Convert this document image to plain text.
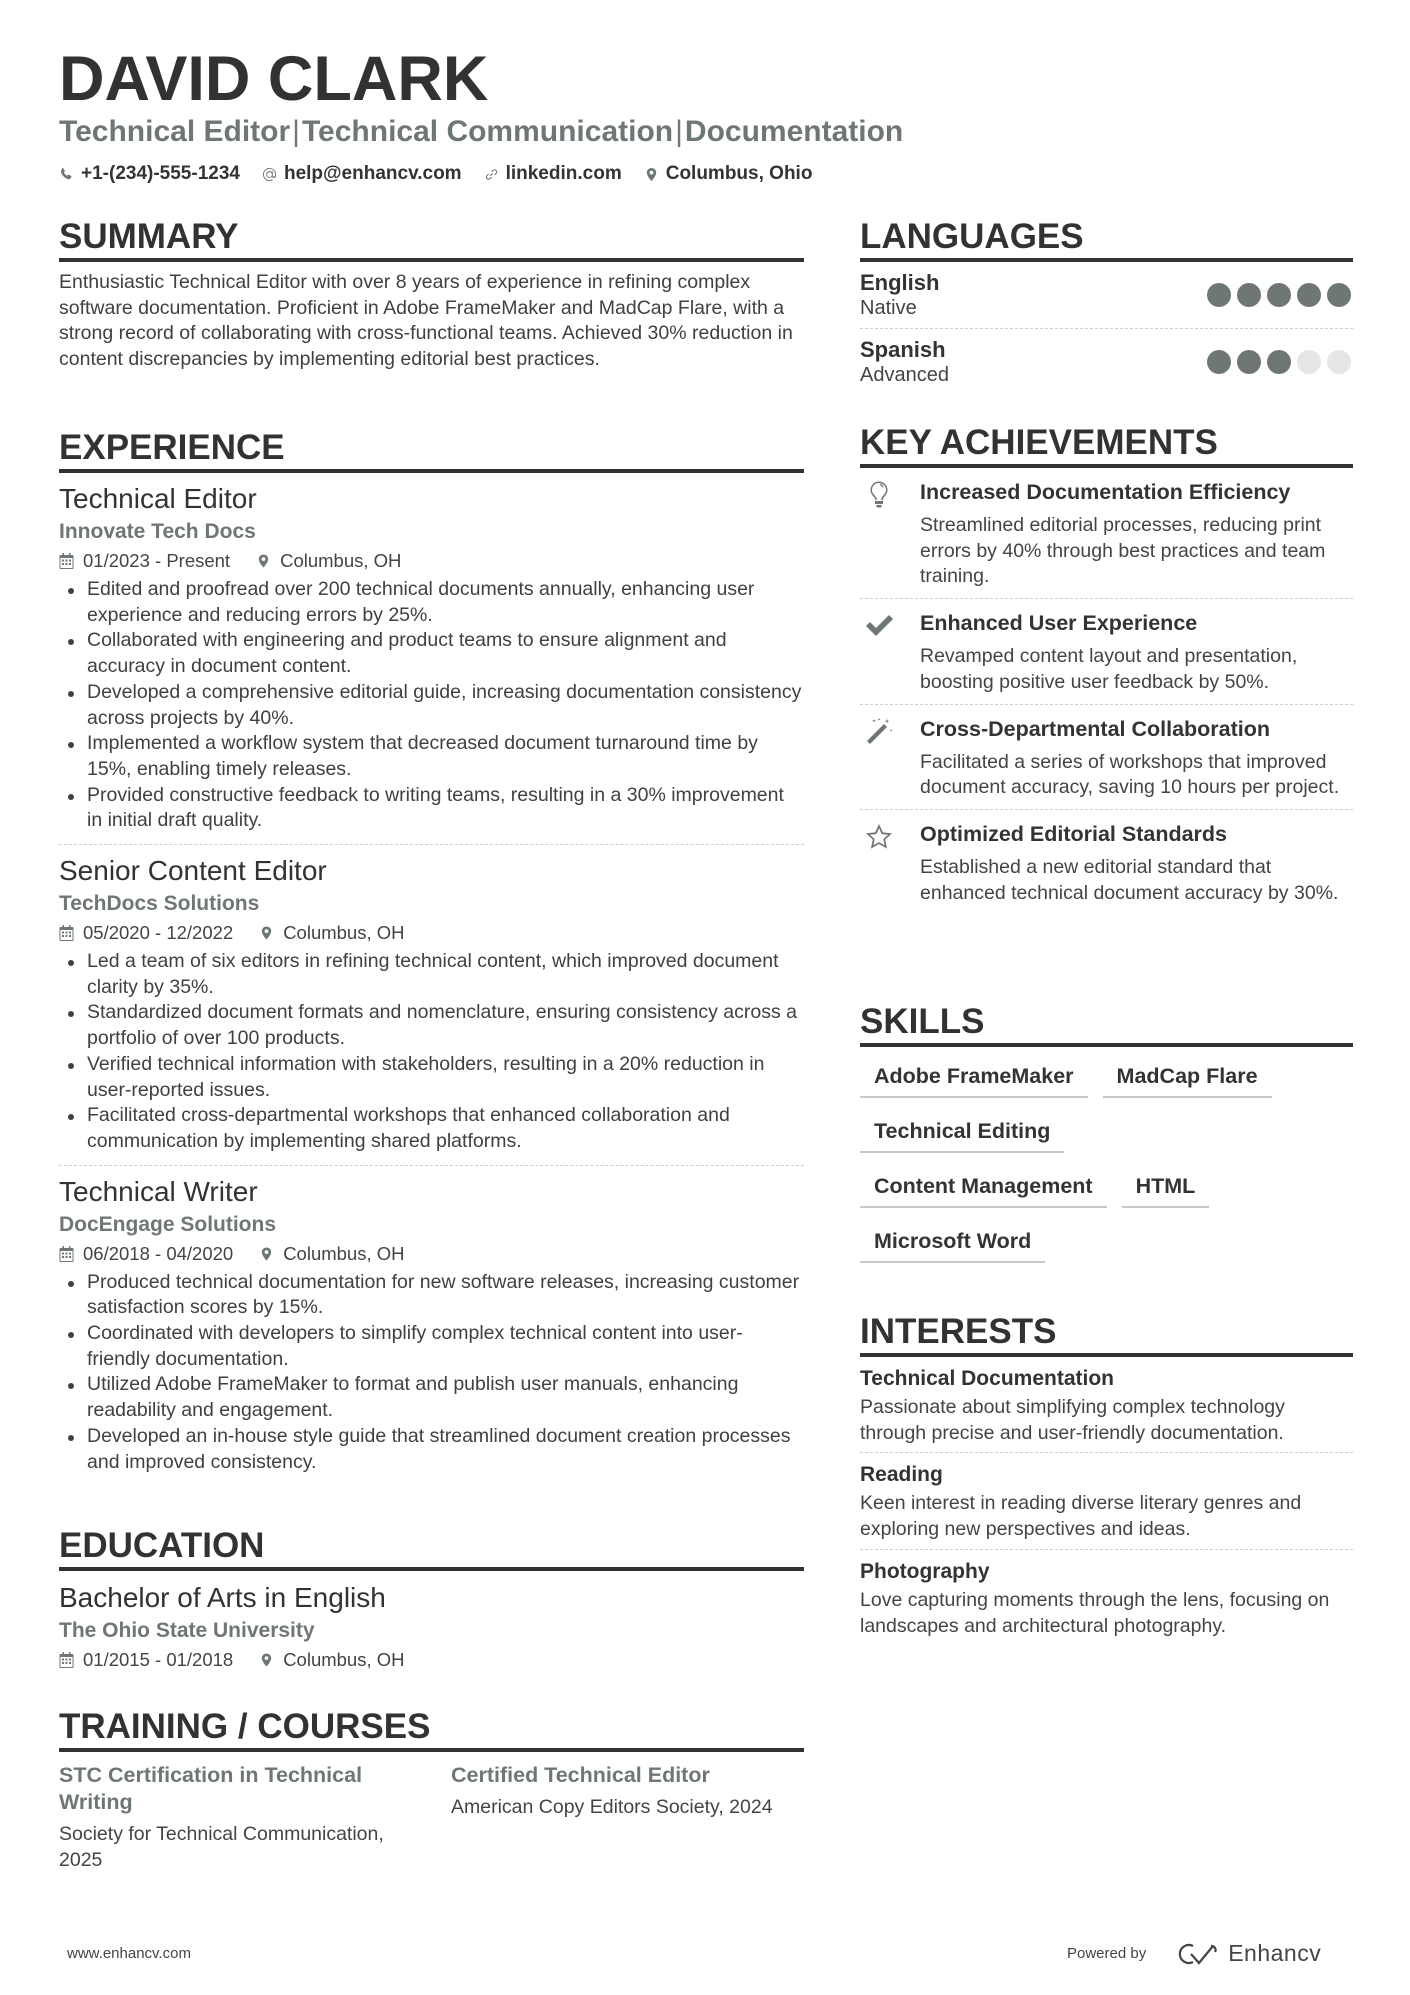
DAVID CLARK
Technical Editor|Technical Communication|Documentation
+1-(234)-555-1234 help@enhancv.com linkedin.com Columbus, Ohio
SUMMARY
Enthusiastic Technical Editor with over 8 years of experience in refining complex software documentation. Proficient in Adobe FrameMaker and MadCap Flare, with a strong record of collaborating with cross-functional teams. Achieved 30% reduction in content discrepancies by implementing editorial best practices.
EXPERIENCE
Technical Editor
Innovate Tech Docs
01/2023 - Present	Columbus, OH
Edited and proofread over 200 technical documents annually, enhancing user experience and reducing errors by 25%.
Collaborated with engineering and product teams to ensure alignment and accuracy in document content.
Developed a comprehensive editorial guide, increasing documentation consistency across projects by 40%.
Implemented a workflow system that decreased document turnaround time by 15%, enabling timely releases.
Provided constructive feedback to writing teams, resulting in a 30% improvement in initial draft quality.
Senior Content Editor
TechDocs Solutions
05/2020 - 12/2022	Columbus, OH
Led a team of six editors in refining technical content, which improved document clarity by 35%.
Standardized document formats and nomenclature, ensuring consistency across a portfolio of over 100 products.
Verified technical information with stakeholders, resulting in a 20% reduction in user-reported issues.
Facilitated cross-departmental workshops that enhanced collaboration and communication by implementing shared platforms.
Technical Writer
DocEngage Solutions
06/2018 - 04/2020	Columbus, OH
Produced technical documentation for new software releases, increasing customer satisfaction scores by 15%.
Coordinated with developers to simplify complex technical content into user-friendly documentation.
Utilized Adobe FrameMaker to format and publish user manuals, enhancing readability and engagement.
Developed an in-house style guide that streamlined document creation processes and improved consistency.
EDUCATION
Bachelor of Arts in English
The Ohio State University
01/2015 - 01/2018	Columbus, OH
TRAINING / COURSES
STC Certification in Technical Writing
Society for Technical Communication, 2025
Certified Technical Editor
American Copy Editors Society, 2024
LANGUAGES
English
Native
Spanish
Advanced
KEY ACHIEVEMENTS
Increased Documentation Efficiency
Streamlined editorial processes, reducing print errors by 40% through best practices and team training.
Enhanced User Experience
Revamped content layout and presentation, boosting positive user feedback by 50%.
Cross-Departmental Collaboration
Facilitated a series of workshops that improved document accuracy, saving 10 hours per project.
Optimized Editorial Standards
Established a new editorial standard that enhanced technical document accuracy by 30%.
SKILLS
Adobe FrameMaker	MadCap Flare
Technical Editing
Content Management	HTML
Microsoft Word
INTERESTS
Technical Documentation
Passionate about simplifying complex technology through precise and user-friendly documentation.
Reading
Keen interest in reading diverse literary genres and exploring new perspectives and ideas.
Photography
Love capturing moments through the lens, focusing on landscapes and architectural photography.
www.enhancv.com	Powered by	Enhancv
